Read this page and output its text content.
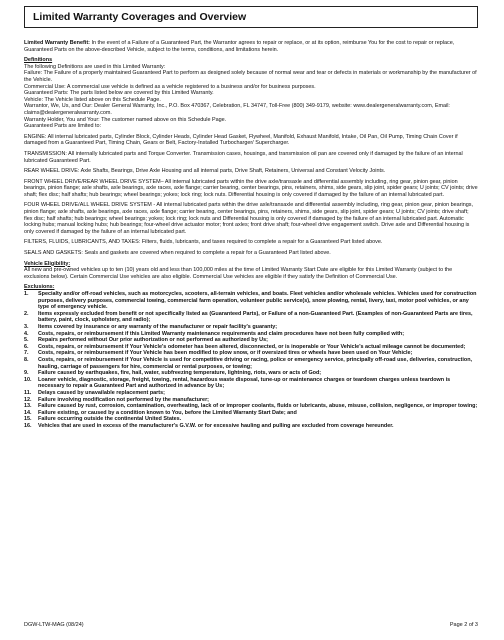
Limited Warranty Coverages and Overview

Limited Warranty Benefit: In the event of a Failure of a Guaranteed Part, the Warrantor agrees to repair or replace, or at its option, reimburse You for the cost to repair or replace, Guaranteed Parts on the above-described Vehicle, subject to the terms, conditions, and limitations herein.

Definitions
The following Definitions are used in this Limited Warranty:
Failure: The Failure of a properly maintained Guaranteed Part to perform as designed solely because of normal wear and tear or defects in materials or workmanship by the manufacturer of the Vehicle.
Commercial Use: A commercial use vehicle is defined as a vehicle registered to a business and/or for business purposes.
Guaranteed Parts: The parts listed below are covered by this Limited Warranty.
Vehicle: The Vehicle listed above on this Schedule Page.
Warrantor, We, Us, and Our: Dealer General Warranty, Inc., P.O. Box 470367, Celebration, FL 34747, Toll-Free (800) 349-9179, website: www.dealergeneralwarranty.com, Email: claims@dealergeneralwarranty.com.
Warranty Holder, You and Your: The customer named above on this Schedule Page.
Guaranteed Parts are limited to:

ENGINE: All internal lubricated parts, Cylinder Block, Cylinder Heads, Cylinder Head Gasket, Flywheel, Manifold, Exhaust Manifold, Intake, Oil Pan, Oil Pump, Timing Chain Cover if damaged from a Guaranteed Part, Timing Chain, Gears or Belt, Factory-Installed Turbocharger/ Supercharger.

TRANSMISSION: All internally lubricated parts and Torque Converter. Transmission cases, housings, and transmission oil pan are covered only if damaged by the failure of an internal lubricated Guaranteed Part.

REAR WHEEL DRIVE: Axle Shafts, Bearings, Drive Axle Housing and all internal parts, Drive Shaft, Retainers, Universal and Constant Velocity Joints.

FRONT WHEEL DRIVE/REAR WHEEL DRIVE SYSTEM– All internal lubricated parts within the drive axle/transaxle and differential assembly including, ring gear, pinion gear, pinion bearings, pinion flange; axle shafts, axle bearings, axle races, axle flange; carrier bearing, center bearings, pins, retainers, shims, side gears, slip joint, spider gears; U joints; CV joints; drive shaft; flex disc; half shafts; hub bearings; wheel bearings; yokes; lock ring; lock nuts. Differential housing is only covered if damaged by the failure of an internal lubricated part.

FOUR WHEEL DRIVE/ALL WHEEL DRIVE SYSTEM - All internal lubricated parts within the drive axle/transaxle and differential assembly including, ring gear, pinion gear, pinion bearings, pinion flange; axle shafts, axle bearings, axle races, axle flange; carrier bearing, center bearings, pins, retainers, shims, side gears, slip joint, spider gears; U joints; CV joints; drive shaft; flex disc; half shafts; hub bearings; wheel bearings; yokes; lock ring; lock nuts and Differential housing is only covered if damaged by the failure of an internal lubricated part. Automatic locking hubs; manual locking hubs; hub bearings; four-wheel drive actuator motor; front axles; front drive shaft; four-wheel drive engagement switch. Drive axle and Differential housing is only covered if damaged by the failure of an internal lubricated part.

FILTERS, FLUIDS, LUBRICANTS, AND TAXES: Filters, fluids, lubricants, and taxes required to complete a repair for a Guaranteed Part listed above.

SEALS AND GASKETS: Seals and gaskets are covered when required to complete a repair for a Guaranteed Part listed above.

Vehicle Eligibility:
All new and pre-owned vehicles up to ten (10) years old and less than 100,000 miles at the time of Limited Warranty Start Date are eligible for this Limited Warranty (subject to the exclusions below). Certain Commercial Use vehicles are also eligible. Commercial Use vehicles are eligible if they satisfy the Definition of Commercial Use.
Exclusions:
1.	Specialty and/or off-road vehicles, such as motorcycles, scooters, all-terrain vehicles, and boats. Fleet vehicles and/or wholesale vehicles. Vehicles used for construction purposes, delivery purposes, commercial towing, commercial farm operation, volunteer public service(s), snow plowing, rental, livery, taxi, motor pool vehicles, or any type of emergency vehicle.
2.	Items expressly excluded from benefit or not specifically listed as (Guaranteed Parts), or Failure of a non-Guaranteed Part. (Examples of non-Guaranteed Parts are tires, battery, paint, clock, upholstery, and radio);
3.	Items covered by insurance or any warranty of the manufacturer or repair facility's guaranty;
4.	Costs, repairs, or reimbursement if this Limited Warranty maintenance requirements and claim procedures have not been fully complied with;
5.	Repairs performed without Our prior authorization or not performed as authorized by Us;
6.	Costs, repairs, or reimbursement if Your Vehicle's odometer has been altered, disconnected, or is inoperable or Your Vehicle's actual mileage cannot be documented;
7.	Costs, repairs, or reimbursement if Your Vehicle has been modified to plow snow, or if oversized tires or wheels have been used on Your Vehicle;
8.	Costs, repairs, or reimbursement if Your Vehicle is used for competitive driving or racing, police or emergency service, principally off-road use, deliveries, construction, hauling, carriage of passengers for hire, commercial or rental purposes, or towing;
9.	Failure caused by earthquakes, fire, hail, water, subfreezing temperature, lightning, riots, wars or acts of God;
10.	Loaner vehicle, diagnostic, storage, freight, towing, rental, hazardous waste disposal, tune-up or maintenance charges or teardown charges unless teardown is necessary to repair a Guaranteed Part and authorized in advance by Us;
11.	Delays caused by unavailable replacement parts;
12.	Failure involving modification not performed by the manufacturer;
13.	Failure caused by rust, corrosion, contamination, overheating, lack of or improper coolants, fluids or lubricants, abuse, misuse, collision, negligence, or improper towing;
14.	Failure existing, or caused by a condition known to You, before the Limited Warranty Start Date; and
15.	Failure occurring outside the continental United States.
16.	Vehicles that are used in excess of the manufacturer's G.V.W. or for excessive hauling and pulling are excluded from coverage hereunder.
DGW-LTW-MAG (08/24)	Page 2 of 3
